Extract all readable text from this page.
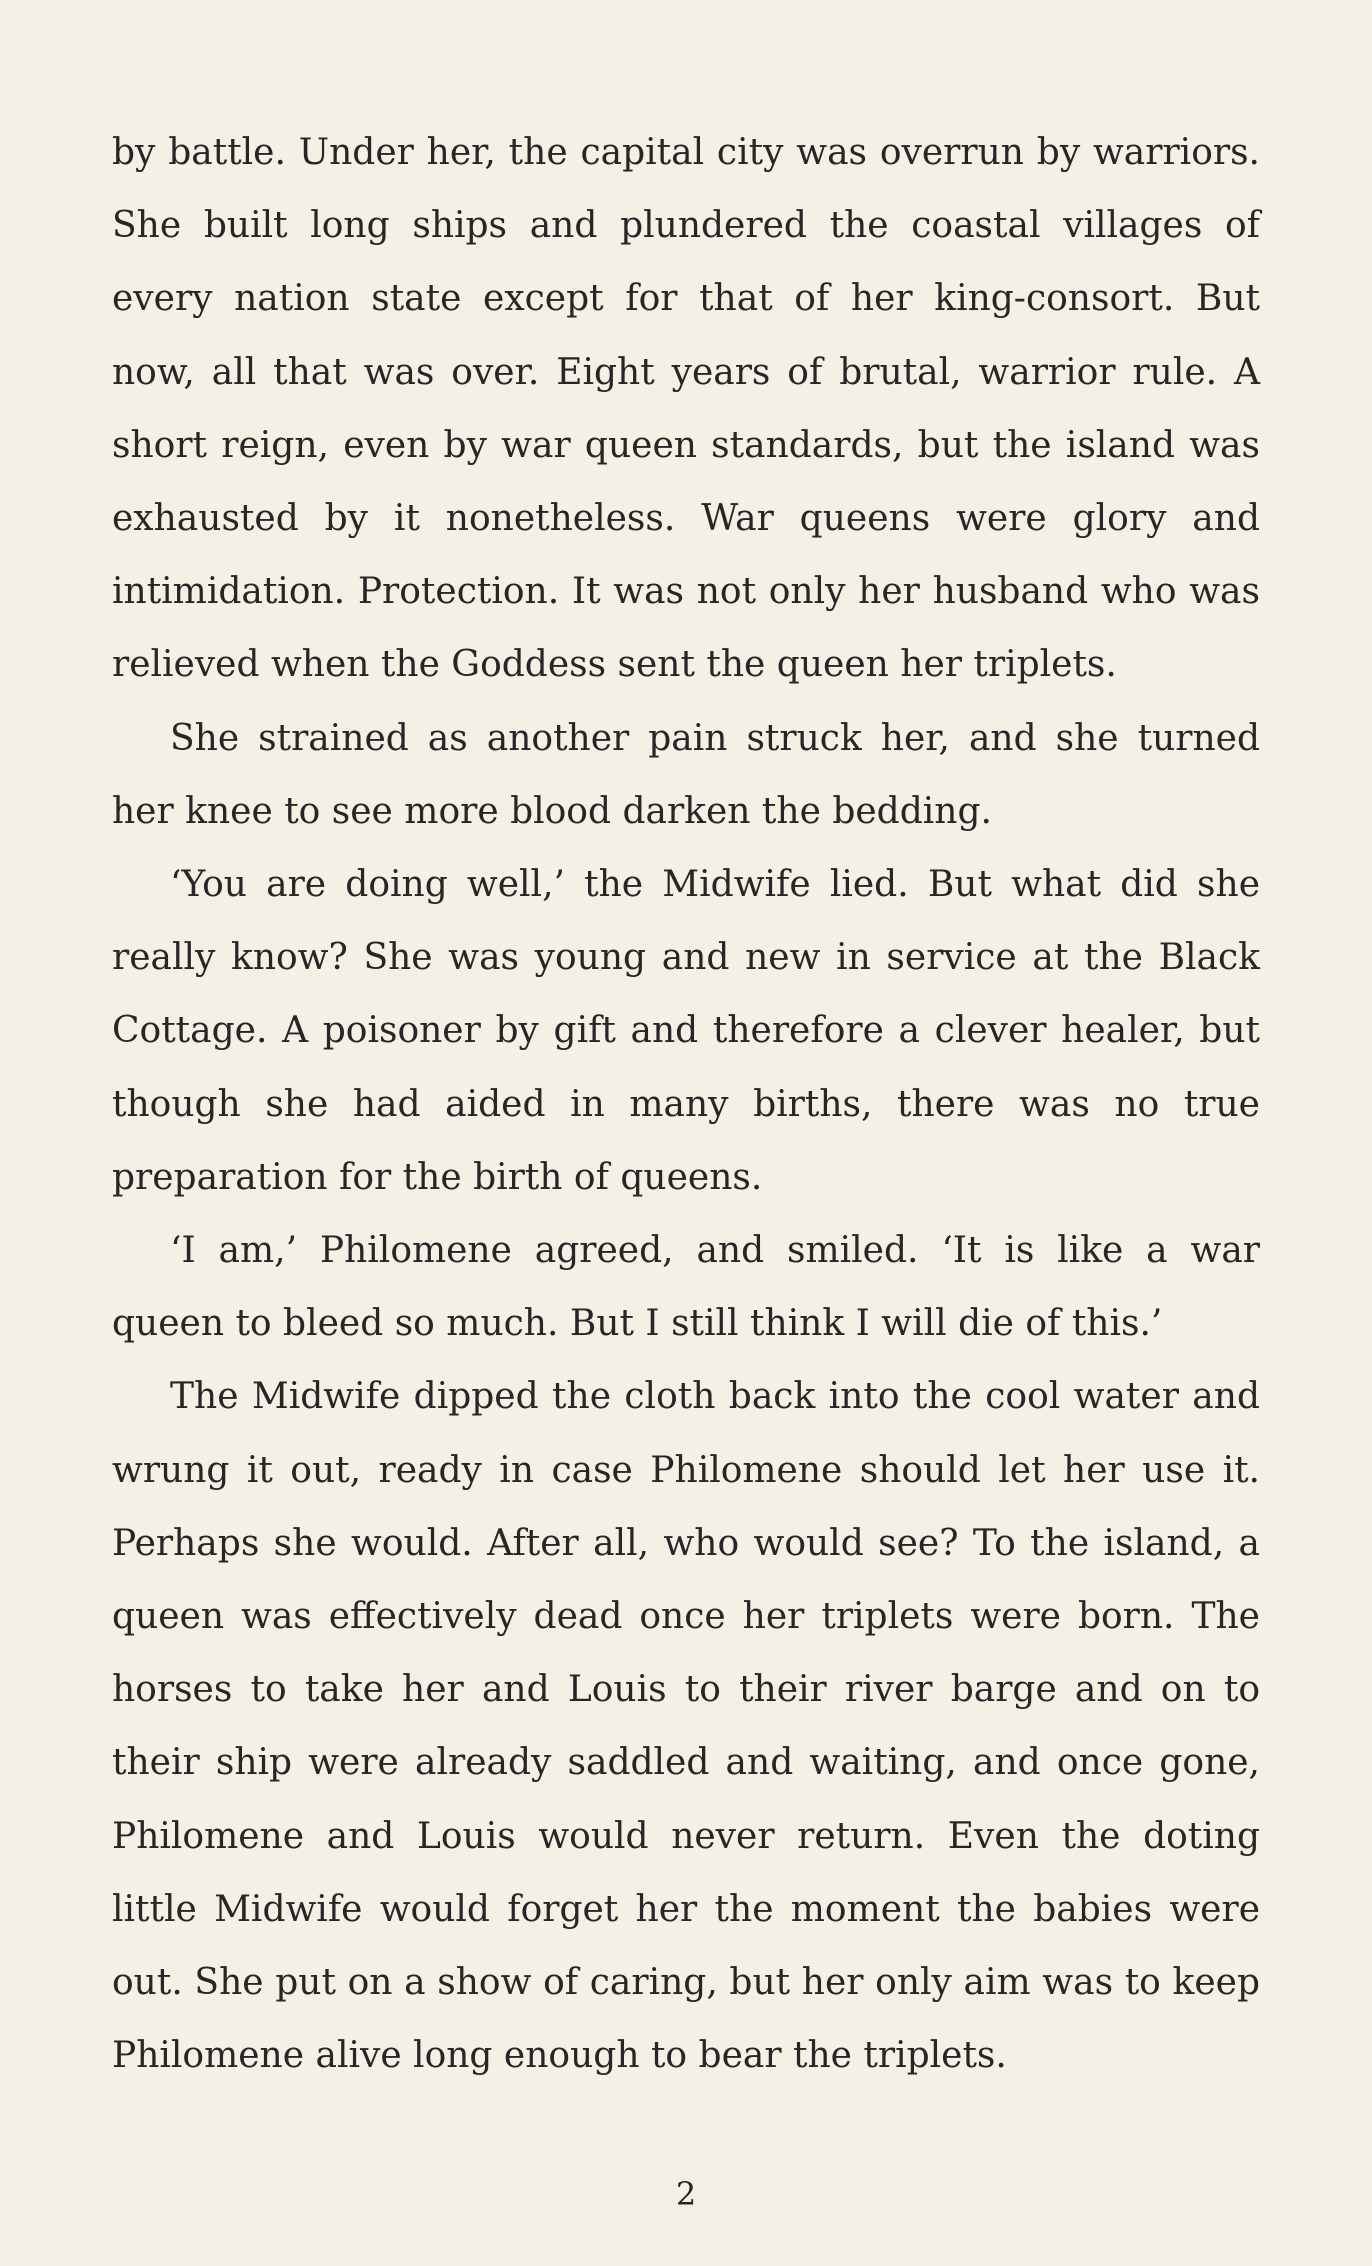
by battle. Under her, the capital city was overrun by warriors. She built long ships and plundered the coastal villages of every nation state except for that of her king-consort. But now, all that was over. Eight years of brutal, warrior rule. A short reign, even by war queen standards, but the island was exhausted by it nonetheless. War queens were glory and intimidation. Protection. It was not only her husband who was relieved when the Goddess sent the queen her triplets.

She strained as another pain struck her, and she turned her knee to see more blood darken the bedding.

‘You are doing well,’ the Midwife lied. But what did she really know? She was young and new in service at the Black Cottage. A poisoner by gift and therefore a clever healer, but though she had aided in many births, there was no true preparation for the birth of queens.

‘I am,’ Philomene agreed, and smiled. ‘It is like a war queen to bleed so much. But I still think I will die of this.’

The Midwife dipped the cloth back into the cool water and wrung it out, ready in case Philomene should let her use it. Perhaps she would. After all, who would see? To the island, a queen was effectively dead once her triplets were born. The horses to take her and Louis to their river barge and on to their ship were already saddled and waiting, and once gone, Philomene and Louis would never return. Even the doting little Midwife would forget her the moment the babies were out. She put on a show of caring, but her only aim was to keep Philomene alive long enough to bear the triplets.

2
